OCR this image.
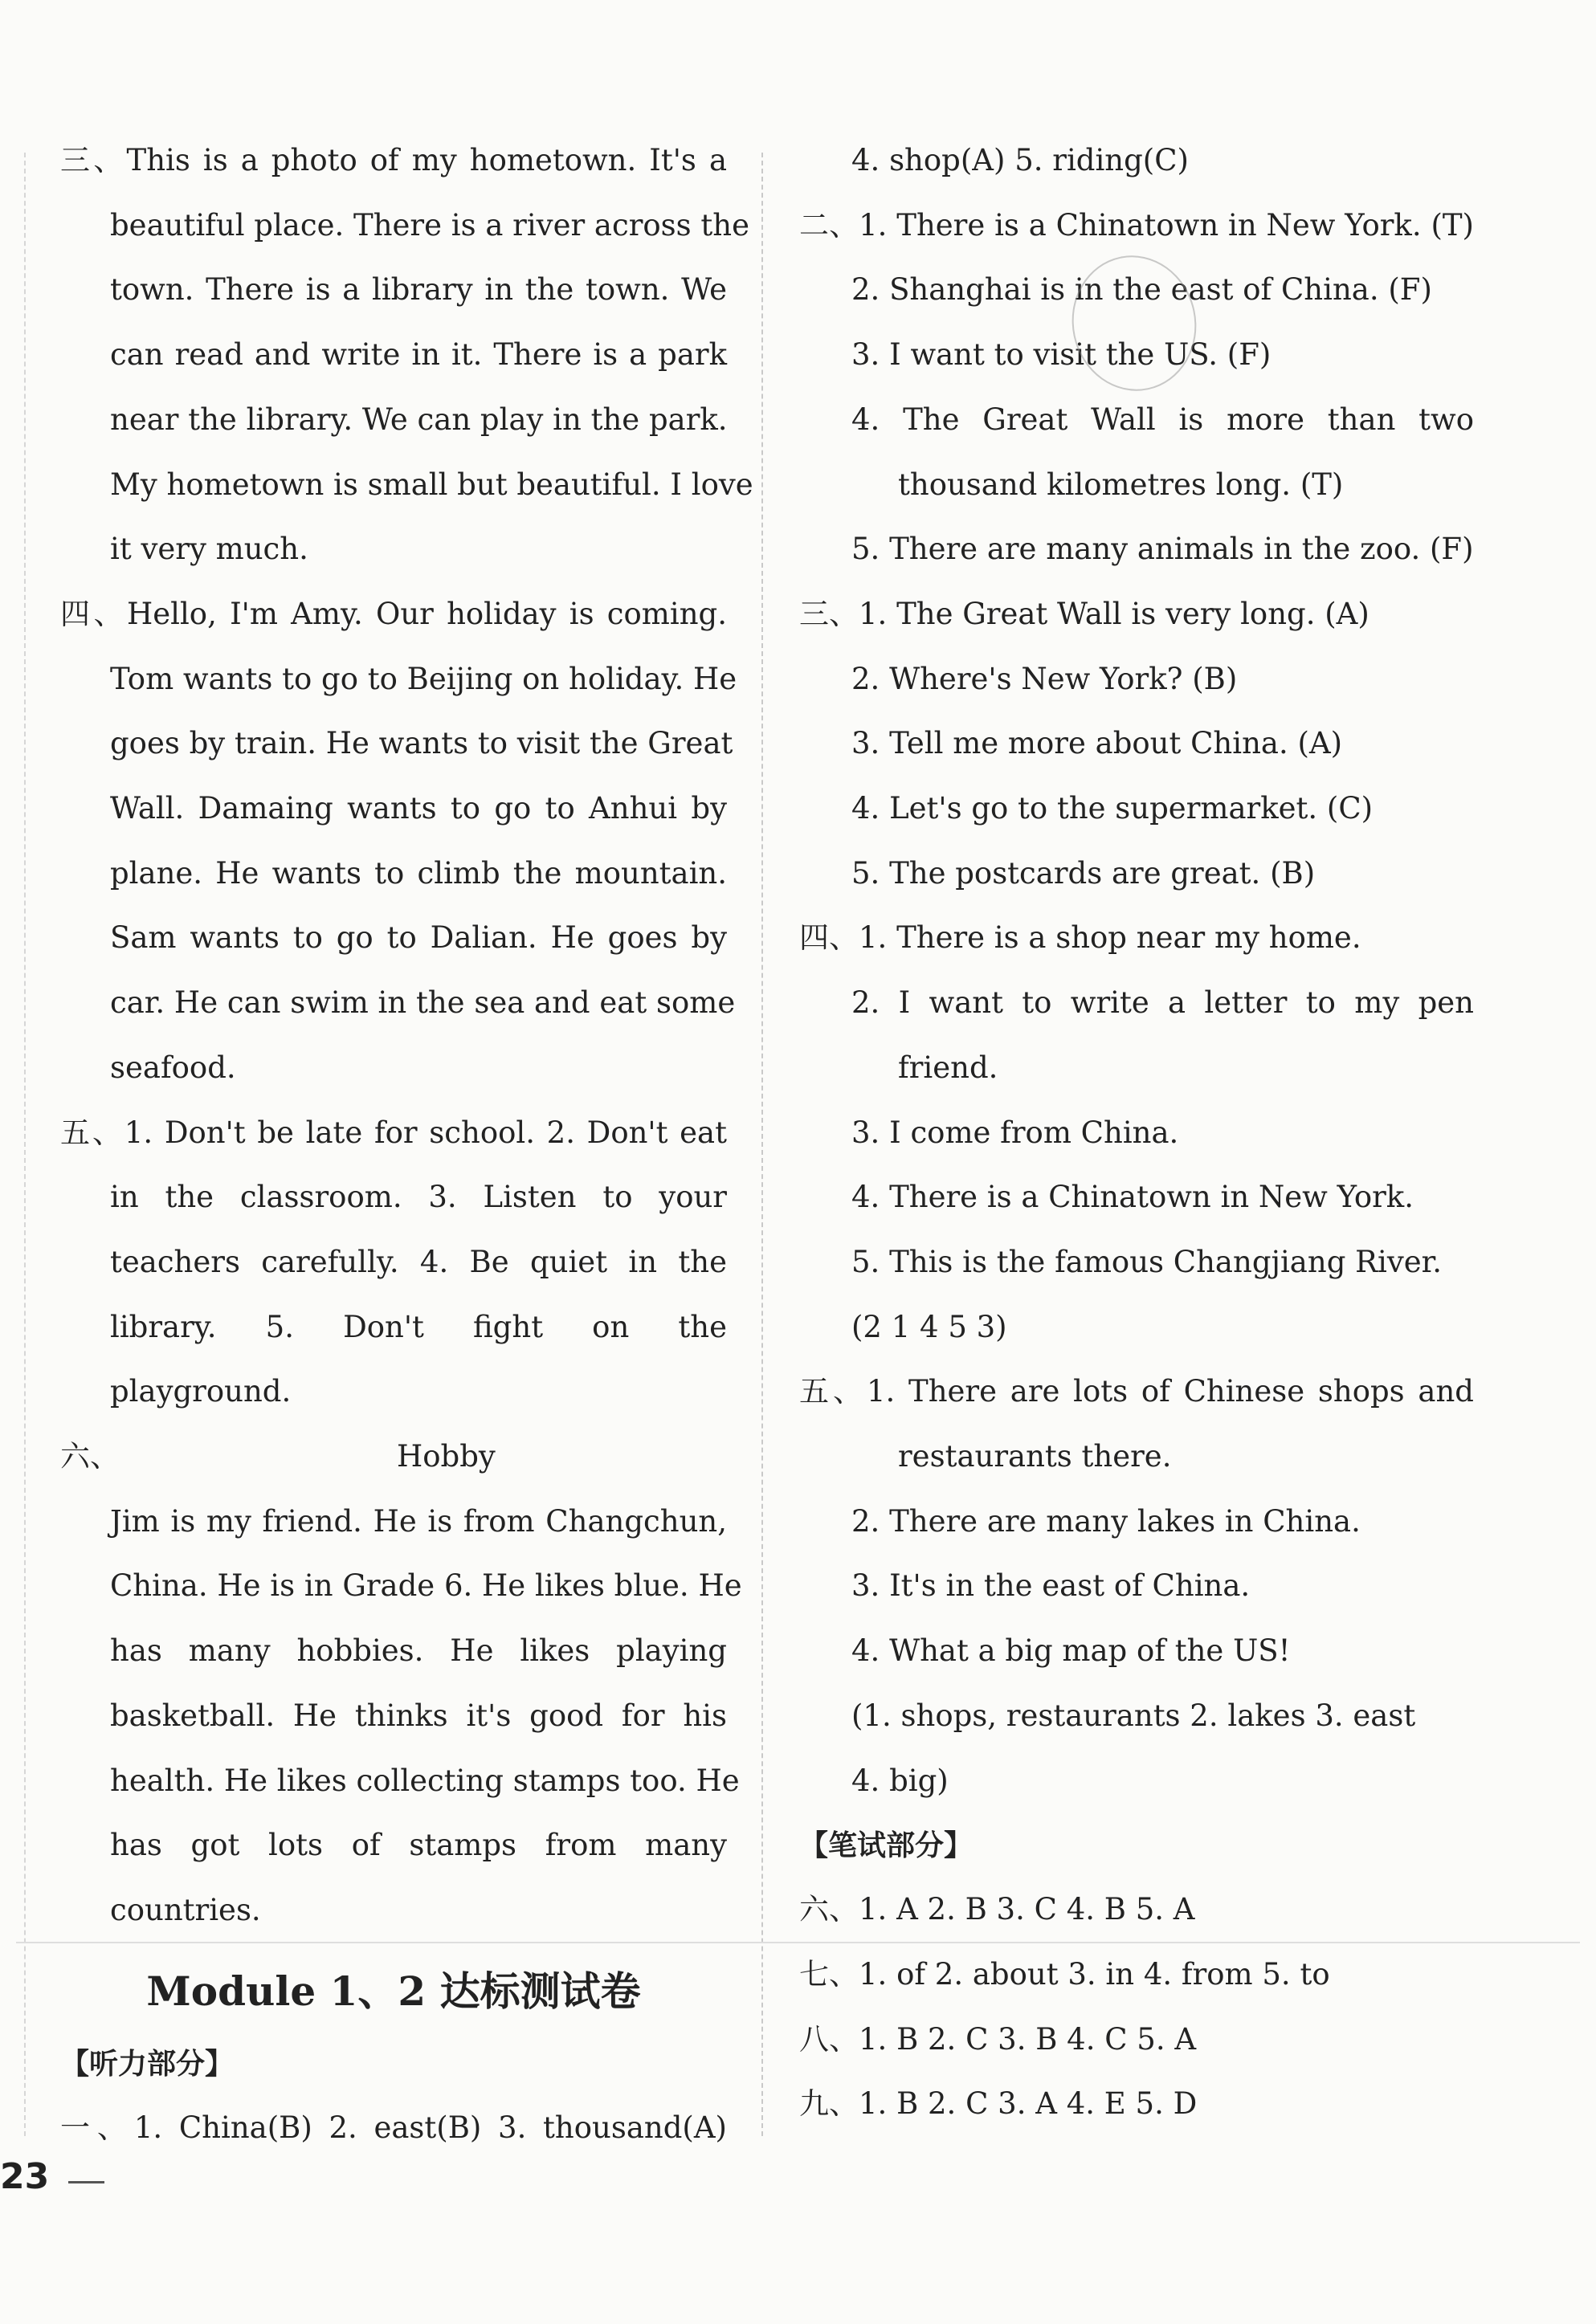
三、This is a photo of my hometown. It's a
beautiful place. There is a river across the
town. There is a library in the town. We
can read and write in it. There is a park
near the library. We can play in the park.
My hometown is small but beautiful. I love
it very much.
四、Hello, I'm Amy. Our holiday is coming.
Tom wants to go to Beijing on holiday. He
goes by train. He wants to visit the Great
Wall. Damaing wants to go to Anhui by
plane. He wants to climb the mountain.
Sam wants to go to Dalian. He goes by
car. He can swim in the sea and eat some
seafood.
五、1. Don't be late for school. 2. Don't eat
in the classroom. 3. Listen to your
teachers carefully. 4. Be quiet in the
library. 5. Don't fight on the
playground.
六、	Hobby
Jim is my friend. He is from Changchun,
China. He is in Grade 6. He likes blue. He
has many hobbies. He likes playing
basketball. He thinks it's good for his
health. He likes collecting stamps too. He
has got lots of stamps from many
countries.
Module 1、2 达标测试卷
【听力部分】
一、1. China(B) 2. east(B) 3. thousand(A)
4. shop(A) 5. riding(C)
二、1. There is a Chinatown in New York. (T)
2. Shanghai is in the east of China. (F)
3. I want to visit the US. (F)
4. The Great Wall is more than two
thousand kilometres long. (T)
5. There are many animals in the zoo. (F)
三、1. The Great Wall is very long. (A)
2. Where's New York? (B)
3. Tell me more about China. (A)
4. Let's go to the supermarket. (C)
5. The postcards are great. (B)
四、1. There is a shop near my home.
2. I want to write a letter to my pen
friend.
3. I come from China.
4. There is a Chinatown in New York.
5. This is the famous Changjiang River.
(2 1 4 5 3)
五、1. There are lots of Chinese shops and
restaurants there.
2. There are many lakes in China.
3. It's in the east of China.
4. What a big map of the US!
(1. shops, restaurants 2. lakes 3. east
4. big)
【笔试部分】
六、1. A 2. B 3. C 4. B 5. A
七、1. of 2. about 3. in 4. from 5. to
八、1. B 2. C 3. B 4. C 5. A
九、1. B 2. C 3. A 4. E 5. D
23
